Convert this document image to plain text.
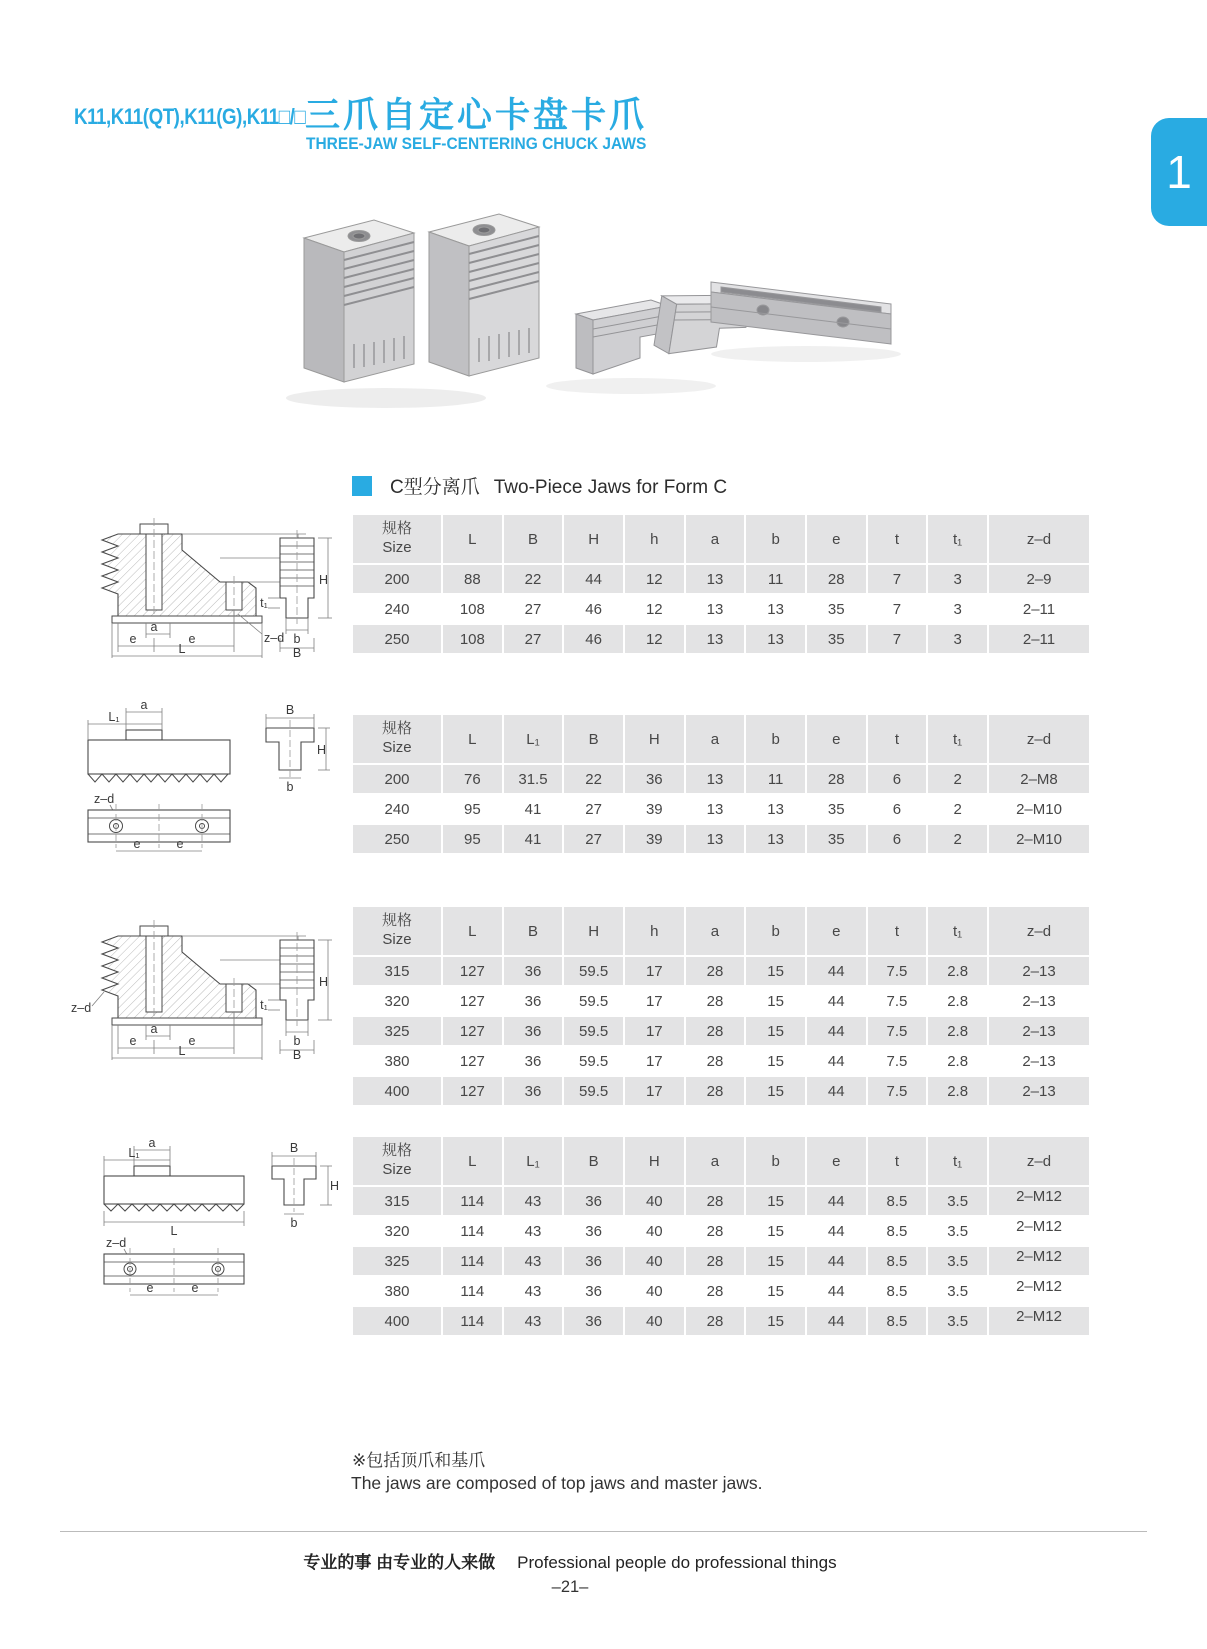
K11,K11(QT),K11(G),K11□/□ 三爪自定心卡盘卡爪
THREE-JAW SELF-CENTERING CHUCK JAWS
1
C型分离爪 Two-Piece Jaws for Form C
a
e	e
L
z–d
H
t₁
b
B
规格
Size	L	B	H	h	a	b	e	t	t₁	z–d
200	88	22	44	12	13	11	28	7	3	2–9
240	108	27	46	12	13	13	35	7	3	2–11
250	108	27	46	12	13	13	35	7	3	2–11
L₁
a
z–d
e	e
B
b
H
规格
Size	L	L₁	B	H	a	b	e	t	t₁	z–d
200	76	31.5	22	36	13	11	28	6	2	2–M8
240	95	41	27	39	13	13	35	6	2	2–M10
250	95	41	27	39	13	13	35	6	2	2–M10
a
e	e
L
z–d
H
t₁
b
B
规格
Size	L	B	H	h	a	b	e	t	t₁	z–d
315	127	36	59.5	17	28	15	44	7.5	2.8	2–13
320	127	36	59.5	17	28	15	44	7.5	2.8	2–13
325	127	36	59.5	17	28	15	44	7.5	2.8	2–13
380	127	36	59.5	17	28	15	44	7.5	2.8	2–13
400	127	36	59.5	17	28	15	44	7.5	2.8	2–13
L₁
a
L
z–d
e	e
B
b
H
规格
Size	L	L₁	B	H	a	b	e	t	t₁	z–d
315	114	43	36	40	28	15	44	8.5	3.5	2–M12
320	114	43	36	40	28	15	44	8.5	3.5	2–M12
325	114	43	36	40	28	15	44	8.5	3.5	2–M12
380	114	43	36	40	28	15	44	8.5	3.5	2–M12
400	114	43	36	40	28	15	44	8.5	3.5	2–M12
※包括顶爪和基爪
The jaws are composed of top jaws and master jaws.
专业的事 由专业的人来做 Professional people do professional things
–21–
